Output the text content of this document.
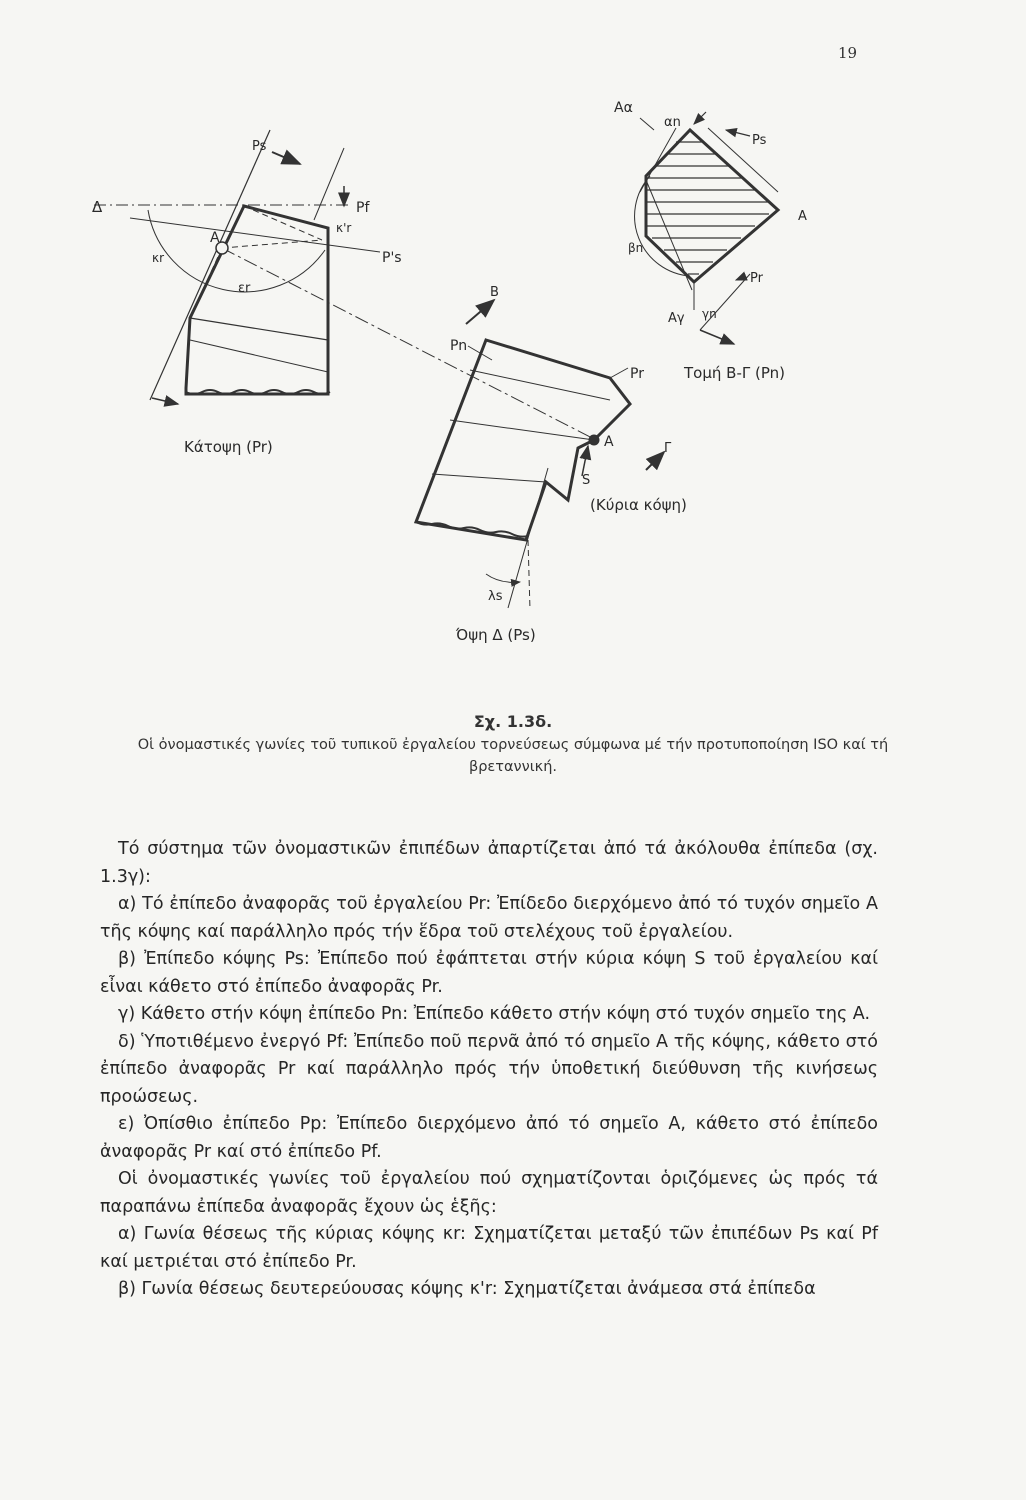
19
Δ
A
Ps
Pf
P's
κr
κ'r
εr
Κάτοψη (Pr)
Pn
Pr
A
S
λs
B
Γ
(Κύρια κόψη)
Όψη Δ (Ps)
Aα
αn
Ps
A
βn
Pr
Aγ γn
Τομή Β-Γ (Pn)
Σχ. 1.3δ.
Οἱ ὀνομαστικές γωνίες τοῦ τυπικοῦ ἐργαλείου τορνεύσεως σύμφωνα μέ τήν προτυποποίηση ISO καί τή βρεταννική.

Τό σύστημα τῶν ὀνομαστικῶν ἐπιπέδων ἀπαρτίζεται ἀπό τά ἀκόλουθα ἐπίπεδα (σχ. 1.3γ):

α) Τό ἐπίπεδο ἀναφορᾶς τοῦ ἐργαλείου Pr: Ἐπίδεδο διερχόμενο ἀπό τό τυχόν σημεῖο A τῆς κόψης καί παράλληλο πρός τήν ἕδρα τοῦ στελέχους τοῦ ἐργαλείου.

β) Ἐπίπεδο κόψης Ps: Ἐπίπεδο πού ἐφάπτεται στήν κύρια κόψη S τοῦ ἐργαλείου καί εἶναι κάθετο στό ἐπίπεδο ἀναφορᾶς Pr.

γ) Κάθετο στήν κόψη ἐπίπεδο Pn: Ἐπίπεδο κάθετο στήν κόψη στό τυχόν σημεῖο της A.

δ) Ὑποτιθέμενο ἐνεργό Pf: Ἐπίπεδο ποῦ περνᾶ ἀπό τό σημεῖο A τῆς κόψης, κάθετο στό ἐπίπεδο ἀναφορᾶς Pr καί παράλληλο πρός τήν ὑποθετική διεύθυνση τῆς κινήσεως προώσεως.

ε) Ὀπίσθιο ἐπίπεδο Pp: Ἐπίπεδο διερχόμενο ἀπό τό σημεῖο A, κάθετο στό ἐπίπεδο ἀναφορᾶς Pr καί στό ἐπίπεδο Pf.

Οἱ ὀνομαστικές γωνίες τοῦ ἐργαλείου πού σχηματίζονται ὁριζόμενες ὡς πρός τά παραπάνω ἐπίπεδα ἀναφορᾶς ἔχουν ὡς ἑξῆς:

α) Γωνία θέσεως τῆς κύριας κόψης κr: Σχηματίζεται μεταξύ τῶν ἐπιπέδων Ps καί Pf καί μετριέται στό ἐπίπεδο Pr.

β) Γωνία θέσεως δευτερεύουσας κόψης κ'r: Σχηματίζεται ἀνάμεσα στά ἐπίπεδα
